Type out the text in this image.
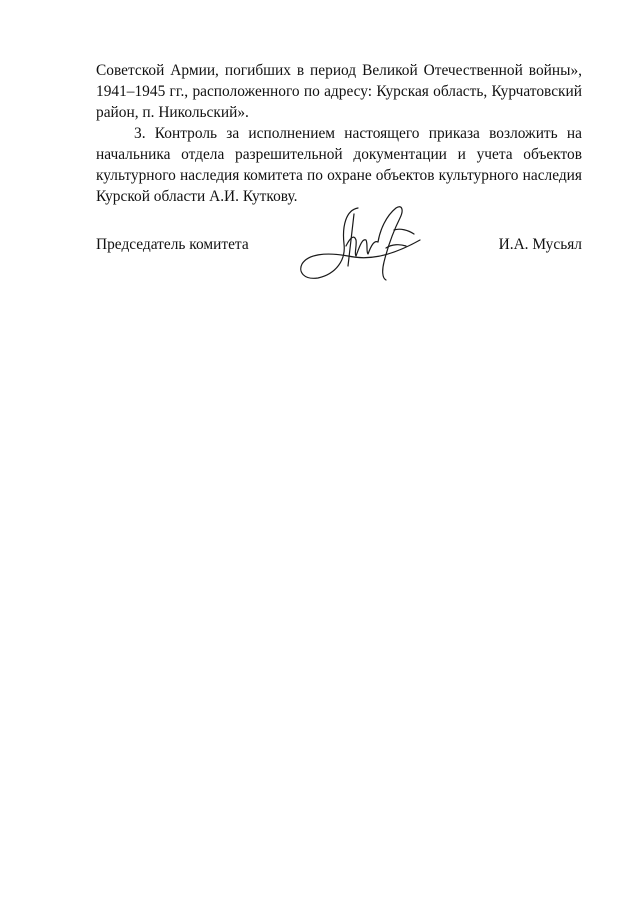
Советской Армии, погибших в период Великой Отечественной войны»,
1941–1945 гг., расположенного по адресу: Курская область, Курчатовский
район, п. Никольский».
3. Контроль за исполнением настоящего приказа возложить на
начальника отдела разрешительной документации и учета объектов
культурного наследия комитета по охране объектов культурного наследия
Курской области А.И. Куткову.
Председатель комитета	И.А. Мусьял
